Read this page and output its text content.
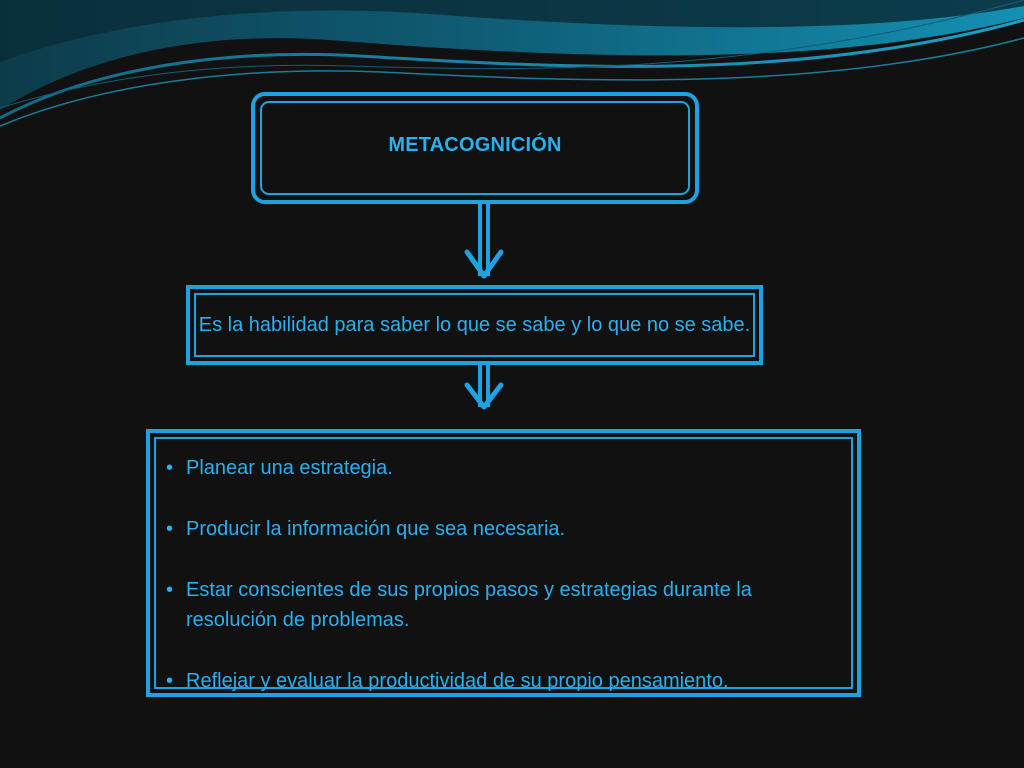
METACOGNICIÓN
Es la habilidad para saber lo que se sabe y lo que no se sabe.
• Planear una estrategia.
• Producir la información que sea necesaria.
• Estar conscientes de sus propios pasos y estrategias durante la resolución de problemas.
• Reflejar y evaluar la productividad de su propio pensamiento.
